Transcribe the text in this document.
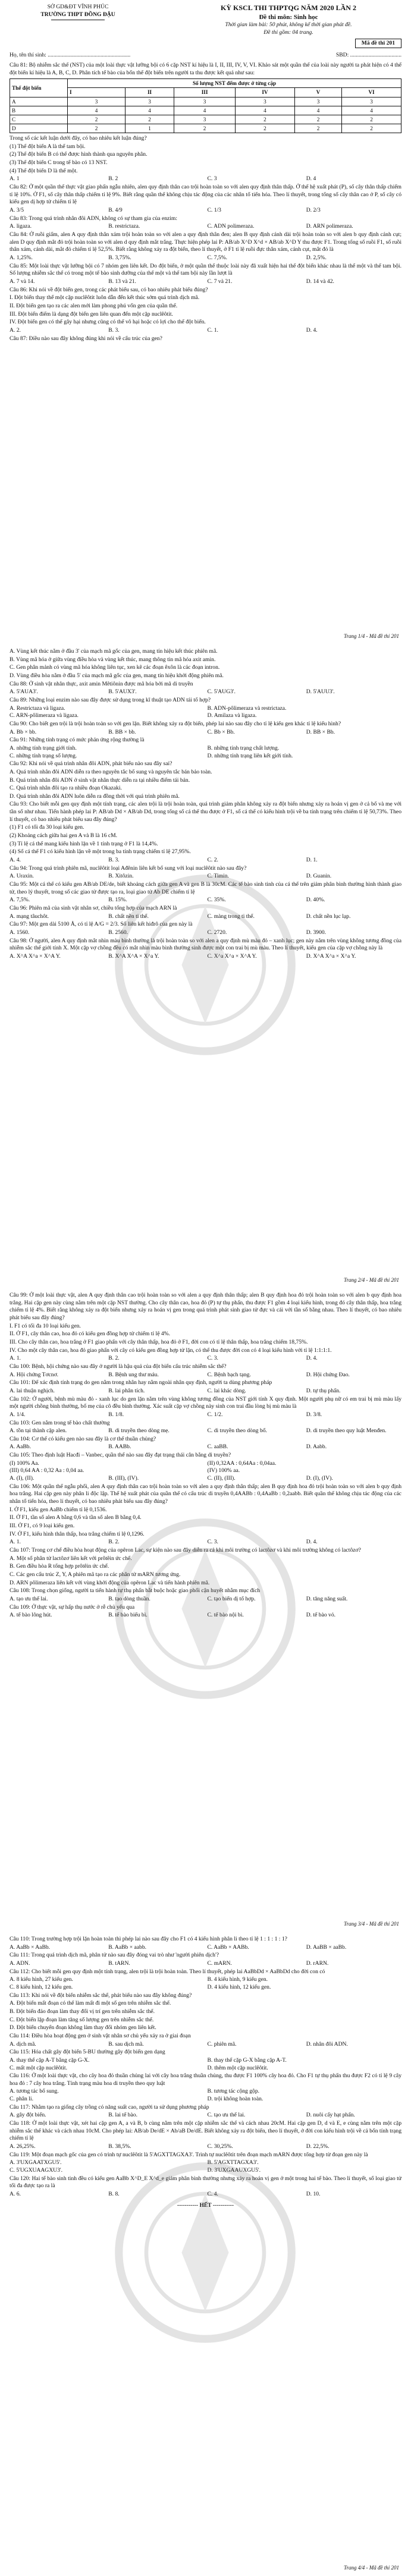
SỞ GD&ĐT VĨNH PHÚC
TRƯỜNG THPT ĐỒNG ĐẬU
KỲ KSCL THI THPTQG NĂM 2020 LẦN 2
Đề thi môn: Sinh học
Thời gian làm bài: 50 phút, không kể thời gian phát đề.
Đề thi gồm: 04 trang.
Mã đề thi 201
Họ, tên thí sinh: ..........................................................	SBD: ....................................
Câu 81: Bộ nhiễm sắc thể (NST) của một loài thực vật lưỡng bội có 6 cặp NST kí hiệu là I, II, III, IV, V, VI. Khảo sát một quần thể của loài này người ta phát hiện có 4 thể đột biến kí hiệu là A, B, C, D. Phân tích tế bào của bốn thể đột biến trên người ta thu được kết quả như sau:
Thể đột biến	Số lượng NST đếm được ở từng cặp					
	I	II	III	IV	V	VI
A	3	3	3	3	3	3
B	4	4	4	4	4	4
C	2	2	3	2	2	2
D	2	1	2	2	2	2
Trong số các kết luận dưới đây, có bao nhiêu kết luận đúng?
(1) Thể đột biến A là thể tam bội.
(2) Thể đột biến B có thể được hình thành qua nguyên phân.
(3) Thể đột biến C trong tế bào có 13 NST.
(4) Thể đột biến D là thể một.
A. 1	B. 2	C. 3	D. 4
Câu 82: Ở một quần thể thực vật giao phấn ngẫu nhiên, alen quy định thân cao trội hoàn toàn so với alen quy định thân thấp. Ở thế hệ xuất phát (P), số cây thân thấp chiếm tỉ lệ 10%. Ở F1, số cây thân thấp chiếm tỉ lệ 9%. Biết rằng quần thể không chịu tác động của các nhân tố tiến hóa. Theo lí thuyết, trong tổng số cây thân cao ở P, số cây có kiểu gen dị hợp tử chiếm tỉ lệ
A. 3/5	B. 4/9	C. 1/3	D. 2/3
Câu 83: Trong quá trình nhân đôi ADN, không có sự tham gia của enzim:
A. ligaza.	B. restrictaza.	C. ADN polimeraza.	D. ARN polimeraza.
Câu 84: Ở ruồi giấm, alen A quy định thân xám trội hoàn toàn so với alen a quy định thân đen; alen B quy định cánh dài trội hoàn toàn so với alen b quy định cánh cụt; alen D quy định mắt đỏ trội hoàn toàn so với alen d quy định mắt trắng. Thực hiện phép lai P: AB/ab X^D X^d × AB/ab X^D Y thu được F1. Trong tổng số ruồi F1, số ruồi thân xám, cánh dài, mắt đỏ chiếm tỉ lệ 52,5%. Biết rằng không xảy ra đột biến, theo lí thuyết, ở F1 tỉ lệ ruồi đực thân xám, cánh cụt, mắt đỏ là
A. 1,25%.	B. 3,75%.	C. 7,5%.	D. 2,5%.
Câu 85: Một loài thực vật lưỡng bội có 7 nhóm gen liên kết. Do đột biến, ở một quần thể thuộc loài này đã xuất hiện hai thể đột biến khác nhau là thể một và thể tam bội. Số lượng nhiễm sắc thể có trong một tế bào sinh dưỡng của thể một và thể tam bội này lần lượt là
A. 7 và 14.	B. 13 và 21.	C. 7 và 21.	D. 14 và 42.
Câu 86: Khi nói về đột biến gen, trong các phát biểu sau, có bao nhiêu phát biểu đúng?
I. Đột biến thay thế một cặp nuclêôtit luôn dẫn đến kết thúc sớm quá trình dịch mã.
II. Đột biến gen tạo ra các alen mới làm phong phú vốn gen của quần thể.
III. Đột biến điểm là dạng đột biến gen liên quan đến một cặp nuclêôtit.
IV. Đột biến gen có thể gây hại nhưng cũng có thể vô hại hoặc có lợi cho thể đột biến.
A. 2.	B. 3.	C. 1.	D. 4.
Câu 87: Điều nào sau đây không đúng khi nói về cấu trúc của gen?
Trang 1/4 - Mã đề thi 201
A. Vùng kết thúc nằm ở đầu 3' của mạch mã gốc của gen, mang tín hiệu kết thúc phiên mã.
B. Vùng mã hóa ở giữa vùng điều hòa và vùng kết thúc, mang thông tin mã hóa axit amin.
C. Gen phân mảnh có vùng mã hóa không liên tục, xen kẽ các đoạn êxôn là các đoạn intron.
D. Vùng điều hòa nằm ở đầu 5' của mạch mã gốc của gen, mang tín hiệu khởi động phiên mã.
Câu 88: Ở sinh vật nhân thực, axit amin Mêtiônin được mã hóa bởi mã di truyền
A. 5'AUA3'.	B. 5'AUX3'.	C. 5'AUG3'.	D. 5'AUU3'.
Câu 89: Những loại enzim nào sau đây được sử dụng trong kĩ thuật tạo ADN tái tổ hợp?
A. Restrictaza và ligaza.	B. ADN-pôlimeraza và restrictaza.
C. ARN-pôlimeraza và ligaza.	D. Amilaza và ligaza.
Câu 90: Cho biết gen trội là trội hoàn toàn so với gen lặn. Biết không xảy ra đột biến, phép lai nào sau đây cho tỉ lệ kiểu gen khác tỉ lệ kiểu hình?
A. Bb × bb.	B. BB × bb.	C. Bb × Bb.	D. BB × Bb.
Câu 91: Những tính trạng có mức phản ứng rộng thường là
A. những tính trạng giới tính.	B. những tính trạng chất lượng.
C. những tính trạng số lượng.	D. những tính trạng liên kết giới tính.
Câu 92: Khi nói về quá trình nhân đôi ADN, phát biểu nào sau đây sai?
A. Quá trình nhân đôi ADN diễn ra theo nguyên tắc bổ sung và nguyên tắc bán bảo toàn.
B. Quá trình nhân đôi ADN ở sinh vật nhân thực diễn ra tại nhiều điểm tái bản.
C. Quá trình nhân đôi tạo ra nhiều đoạn Okazaki.
D. Quá trình nhân đôi ADN luôn diễn ra đồng thời với quá trình phiên mã.
Câu 93: Cho biết mỗi gen quy định một tính trạng, các alen trội là trội hoàn toàn, quá trình giảm phân không xảy ra đột biến nhưng xảy ra hoán vị gen ở cả bố và mẹ với tần số như nhau. Tiến hành phép lai P: AB/ab Dd × AB/ab Dd, trong tổng số cá thể thu được ở F1, số cá thể có kiểu hình trội về ba tính trạng trên chiếm tỉ lệ 50,73%. Theo lí thuyết, có bao nhiêu phát biểu sau đây đúng?
(1) F1 có tối đa 30 loại kiểu gen.
(2) Khoảng cách giữa hai gen A và B là 16 cM.
(3) Tỉ lệ cá thể mang kiểu hình lặn về 1 tính trạng ở F1 là 14,4%.
(4) Số cá thể F1 có kiểu hình lặn về một trong ba tính trạng chiếm tỉ lệ 27,95%.
A. 4.	B. 3.	C. 2.	D. 1.
Câu 94: Trong quá trình phiên mã, nuclêôtit loại Ađênin liên kết bổ sung với loại nuclêôtit nào sau đây?
A. Uraxin.	B. Xitôzin.	C. Timin.	D. Guanin.
Câu 95: Một cá thể có kiểu gen AB/ab DE/de, biết khoảng cách giữa gen A và gen B là 30cM. Các tế bào sinh tinh của cá thể trên giảm phân bình thường hình thành giao tử, theo lý thuyết, trong số các giao tử được tạo ra, loại giao tử Ab DE chiếm tỉ lệ
A. 7,5%.	B. 15%.	C. 35%.	D. 40%.
Câu 96: Phiên mã của sinh vật nhân sơ, chiều tổng hợp của mạch ARN là
A. mạng tâuchôt.	B. chất nền ti thể.	C. màng trong ti thể.	D. chất nền lục lạp.
Câu 97: Một gen dài 5100 Å, có tỉ lệ A/G = 2/3. Số liên kết hiđrô của gen này là
A. 1560.	B. 2560.	C. 2720.	D. 3900.
Câu 98: Ở người, alen A quy định mắt nhìn màu bình thường là trội hoàn toàn so với alen a quy định mù màu đỏ – xanh lục; gen này nằm trên vùng không tương đồng của nhiễm sắc thể giới tính X. Một cặp vợ chồng đều có mắt nhìn màu bình thường sinh được một con trai bị mù màu. Theo lí thuyết, kiểu gen của cặp vợ chồng này là
A. X^A X^a × X^A Y.	B. X^A X^A × X^a Y.	C. X^a X^a × X^A Y.	D. X^A X^a × X^a Y.
Trang 2/4 - Mã đề thi 201
Câu 99: Ở một loài thực vật, alen A quy định thân cao trội hoàn toàn so với alen a quy định thân thấp; alen B quy định hoa đỏ trội hoàn toàn so với alen b quy định hoa trắng. Hai cặp gen này cùng nằm trên một cặp NST thường. Cho cây thân cao, hoa đỏ (P) tự thụ phấn, thu được F1 gồm 4 loại kiểu hình, trong đó cây thân thấp, hoa trắng chiếm tỉ lệ 4%. Biết rằng không xảy ra đột biến nhưng xảy ra hoán vị gen trong quá trình phát sinh giao tử đực và cái với tần số bằng nhau. Theo lí thuyết, có bao nhiêu phát biểu sau đây đúng?
I. F1 có tối đa 10 loại kiểu gen.
II. Ở F1, cây thân cao, hoa đỏ có kiểu gen đồng hợp tử chiếm tỉ lệ 4%.
III. Cho cây thân cao, hoa trắng ở F1 giao phấn với cây thân thấp, hoa đỏ ở F1, đời con có tỉ lệ thân thấp, hoa trắng chiếm 18,75%.
IV. Cho một cây thân cao, hoa đỏ giao phấn với cây có kiểu gen đồng hợp tử lặn, có thể thu được đời con có 4 loại kiểu hình với tỉ lệ 1:1:1:1.
A. 1.	B. 2.	C. 3.	D. 4.
Câu 100: Bệnh, hội chứng nào sau đây ở người là hậu quả của đột biến cấu trúc nhiễm sắc thể?
A. Hội chứng Tơcnơ.	B. Bệnh ung thư máu.	C. Bệnh bạch tạng.	D. Hội chứng Đao.
Câu 101: Để xác định tính trạng do gen nằm trong nhân hay nằm ngoài nhân quy định, người ta dùng phương pháp
A. lai thuận nghịch.	B. lai phân tích.	C. lai khác dòng.	D. tự thụ phấn.
Câu 102: Ở người, bệnh mù màu đỏ - xanh lục do gen lặn nằm trên vùng không tương đồng của NST giới tính X quy định. Một người phụ nữ có em trai bị mù màu lấy một người chồng bình thường, bố mẹ của cô đều bình thường. Xác suất cặp vợ chồng này sinh con trai đầu lòng bị mù màu là
A. 1/4.	B. 1/8.	C. 1/2.	D. 3/8.
Câu 103: Gen nằm trong tế bào chất thường
A. tồn tại thành cặp alen.	B. di truyền theo dòng mẹ.	C. di truyền theo dòng bố.	D. di truyền theo quy luật Menđen.
Câu 104: Cơ thể có kiểu gen nào sau đây là cơ thể thuần chủng?
A. AaBb.	B. AABb.	C. aaBB.	D. Aabb.
Câu 105: Theo định luật Hacđi – Vanbec, quần thể nào sau đây đạt trạng thái cân bằng di truyền?
(I) 100% Aa.	(II) 0,32AA : 0,64Aa : 0,04aa.
(III) 0,64 AA : 0,32 Aa : 0,04 aa.	(IV) 100% aa.
A. (I), (II).	B. (III), (IV).	C. (II), (III).	D. (I), (IV).
Câu 106: Một quần thể ngẫu phối, alen A quy định thân cao trội hoàn toàn so với alen a quy định thân thấp; alen B quy định hoa đỏ trội hoàn toàn so với alen b quy định hoa trắng. Hai cặp gen này phân li độc lập. Thế hệ xuất phát của quần thể có cấu trúc di truyền 0,4AABb : 0,4AaBb : 0,2aabb. Biết quần thể không chịu tác động của các nhân tố tiến hóa, theo lí thuyết, có bao nhiêu phát biểu sau đây đúng?
I. Ở F1, kiểu gen AaBb chiếm tỉ lệ 0,1536.
II. Ở F1, tần số alen A bằng 0,6 và tần số alen B bằng 0,4.
III. Ở F1, có 9 loại kiểu gen.
IV. Ở F1, kiểu hình thân thấp, hoa trắng chiếm tỉ lệ 0,1296.
A. 1.	B. 2.	C. 3.	D. 4.
Câu 107: Trong cơ chế điều hòa hoạt động của opêron Lac, sự kiện nào sau đây diễn ra cả khi môi trường có lactôzơ và khi môi trường không có lactôzơ?
A. Một số phân tử lactôzơ liên kết với prôtêin ức chế.
B. Gen điều hòa R tổng hợp prôtêin ức chế.
C. Các gen cấu trúc Z, Y, A phiên mã tạo ra các phân tử mARN tương ứng.
D. ARN pôlimeraza liên kết với vùng khởi động của opêron Lac và tiến hành phiên mã.
Câu 108: Trong chọn giống, người ta tiến hành tự thụ phấn bắt buộc hoặc giao phối cận huyết nhằm mục đích
A. tạo ưu thế lai.	B. tạo dòng thuần.	C. tạo biến dị tổ hợp.	D. tăng năng suất.
Câu 109: Ở thực vật, sự hấp thụ nước ở rễ chủ yếu qua
A. tế bào lông hút.	B. tế bào biểu bì.	C. tế bào nội bì.	D. tế bào vỏ.
Trang 3/4 - Mã đề thi 201
Câu 110: Trong trường hợp trội lặn hoàn toàn thì phép lai nào sau đây cho F1 có 4 kiểu hình phân li theo tỉ lệ 1 : 1 : 1 : 1?
A. AaBb × AaBb.	B. AaBb × aabb.	C. AaBb × AABb.	D. AaBB × aaBb.
Câu 111: Trong quá trình dịch mã, phân tử nào sau đây đóng vai trò như 'người phiên dịch'?
A. ADN.	B. tARN.	C. mARN.	D. rARN.
Câu 112: Cho biết mỗi gen quy định một tính trạng, alen trội là trội hoàn toàn. Theo lí thuyết, phép lai AaBbDd × AaBbDd cho đời con có
A. 8 kiểu hình, 27 kiểu gen.	B. 4 kiểu hình, 9 kiểu gen.
C. 8 kiểu hình, 12 kiểu gen.	D. 4 kiểu hình, 12 kiểu gen.
Câu 113: Khi nói về đột biến nhiễm sắc thể, phát biểu nào sau đây không đúng?
A. Đột biến mất đoạn có thể làm mất đi một số gen trên nhiễm sắc thể.
B. Đột biến đảo đoạn làm thay đổi vị trí gen trên nhiễm sắc thể.
C. Đột biến lặp đoạn làm tăng số lượng gen trên nhiễm sắc thể.
D. Đột biến chuyển đoạn không làm thay đổi nhóm gen liên kết.
Câu 114: Điều hòa hoạt động gen ở sinh vật nhân sơ chủ yếu xảy ra ở giai đoạn
A. dịch mã.	B. sau dịch mã.	C. phiên mã.	D. nhân đôi ADN.
Câu 115: Hóa chất gây đột biến 5-BU thường gây đột biến gen dạng
A. thay thế cặp A-T bằng cặp G-X.	B. thay thế cặp G-X bằng cặp A-T.
C. mất một cặp nuclêôtit.	D. thêm một cặp nuclêôtit.
Câu 116: Ở một loài thực vật, cho cây hoa đỏ thuần chủng lai với cây hoa trắng thuần chủng, thu được F1 100% cây hoa đỏ. Cho F1 tự thụ phấn thu được F2 có tỉ lệ 9 cây hoa đỏ : 7 cây hoa trắng. Tính trạng màu hoa di truyền theo quy luật
A. tương tác bổ sung.	B. tương tác cộng gộp.
C. phân li.	D. trội không hoàn toàn.
Câu 117: Nhằm tạo ra giống cây trồng có năng suất cao, người ta sử dụng phương pháp
A. gây đột biến.	B. lai tế bào.	C. tạo ưu thế lai.	D. nuôi cấy hạt phấn.
Câu 118: Ở một loài thực vật, xét hai cặp gen A, a và B, b cùng nằm trên một cặp nhiễm sắc thể và cách nhau 20cM. Hai cặp gen D, d và E, e cùng nằm trên một cặp nhiễm sắc thể khác và cách nhau 10cM. Cho phép lai: AB/ab De/dE × Ab/aB De/dE. Biết không xảy ra đột biến, theo lí thuyết, ở đời con kiểu hình trội về cả bốn tính trạng chiếm tỉ lệ
A. 26,25%.	B. 38,5%.	C. 30,25%.	D. 22,5%.
Câu 119: Một đoạn mạch gốc của gen có trình tự nuclêôtit là 5'AGXTTAGXA3'. Trình tự nuclêôtit trên đoạn mạch mARN được tổng hợp từ đoạn gen này là
A. 3'UXGAATXGU5'.	B. 5'AGXTTAGXA3'.
C. 5'UGXUAAGXU3'.	D. 3'UXGAAUXGU5'.
Câu 120: Hai tế bào sinh tinh đều có kiểu gen AaBb X^D_E X^d_e giảm phân bình thường nhưng xảy ra hoán vị gen ở một trong hai tế bào. Theo lí thuyết, số loại giao tử tối đa được tạo ra là
A. 6.	B. 8.	C. 4.	D. 10.
----------- HẾT -----------
Trang 4/4 - Mã đề thi 201
